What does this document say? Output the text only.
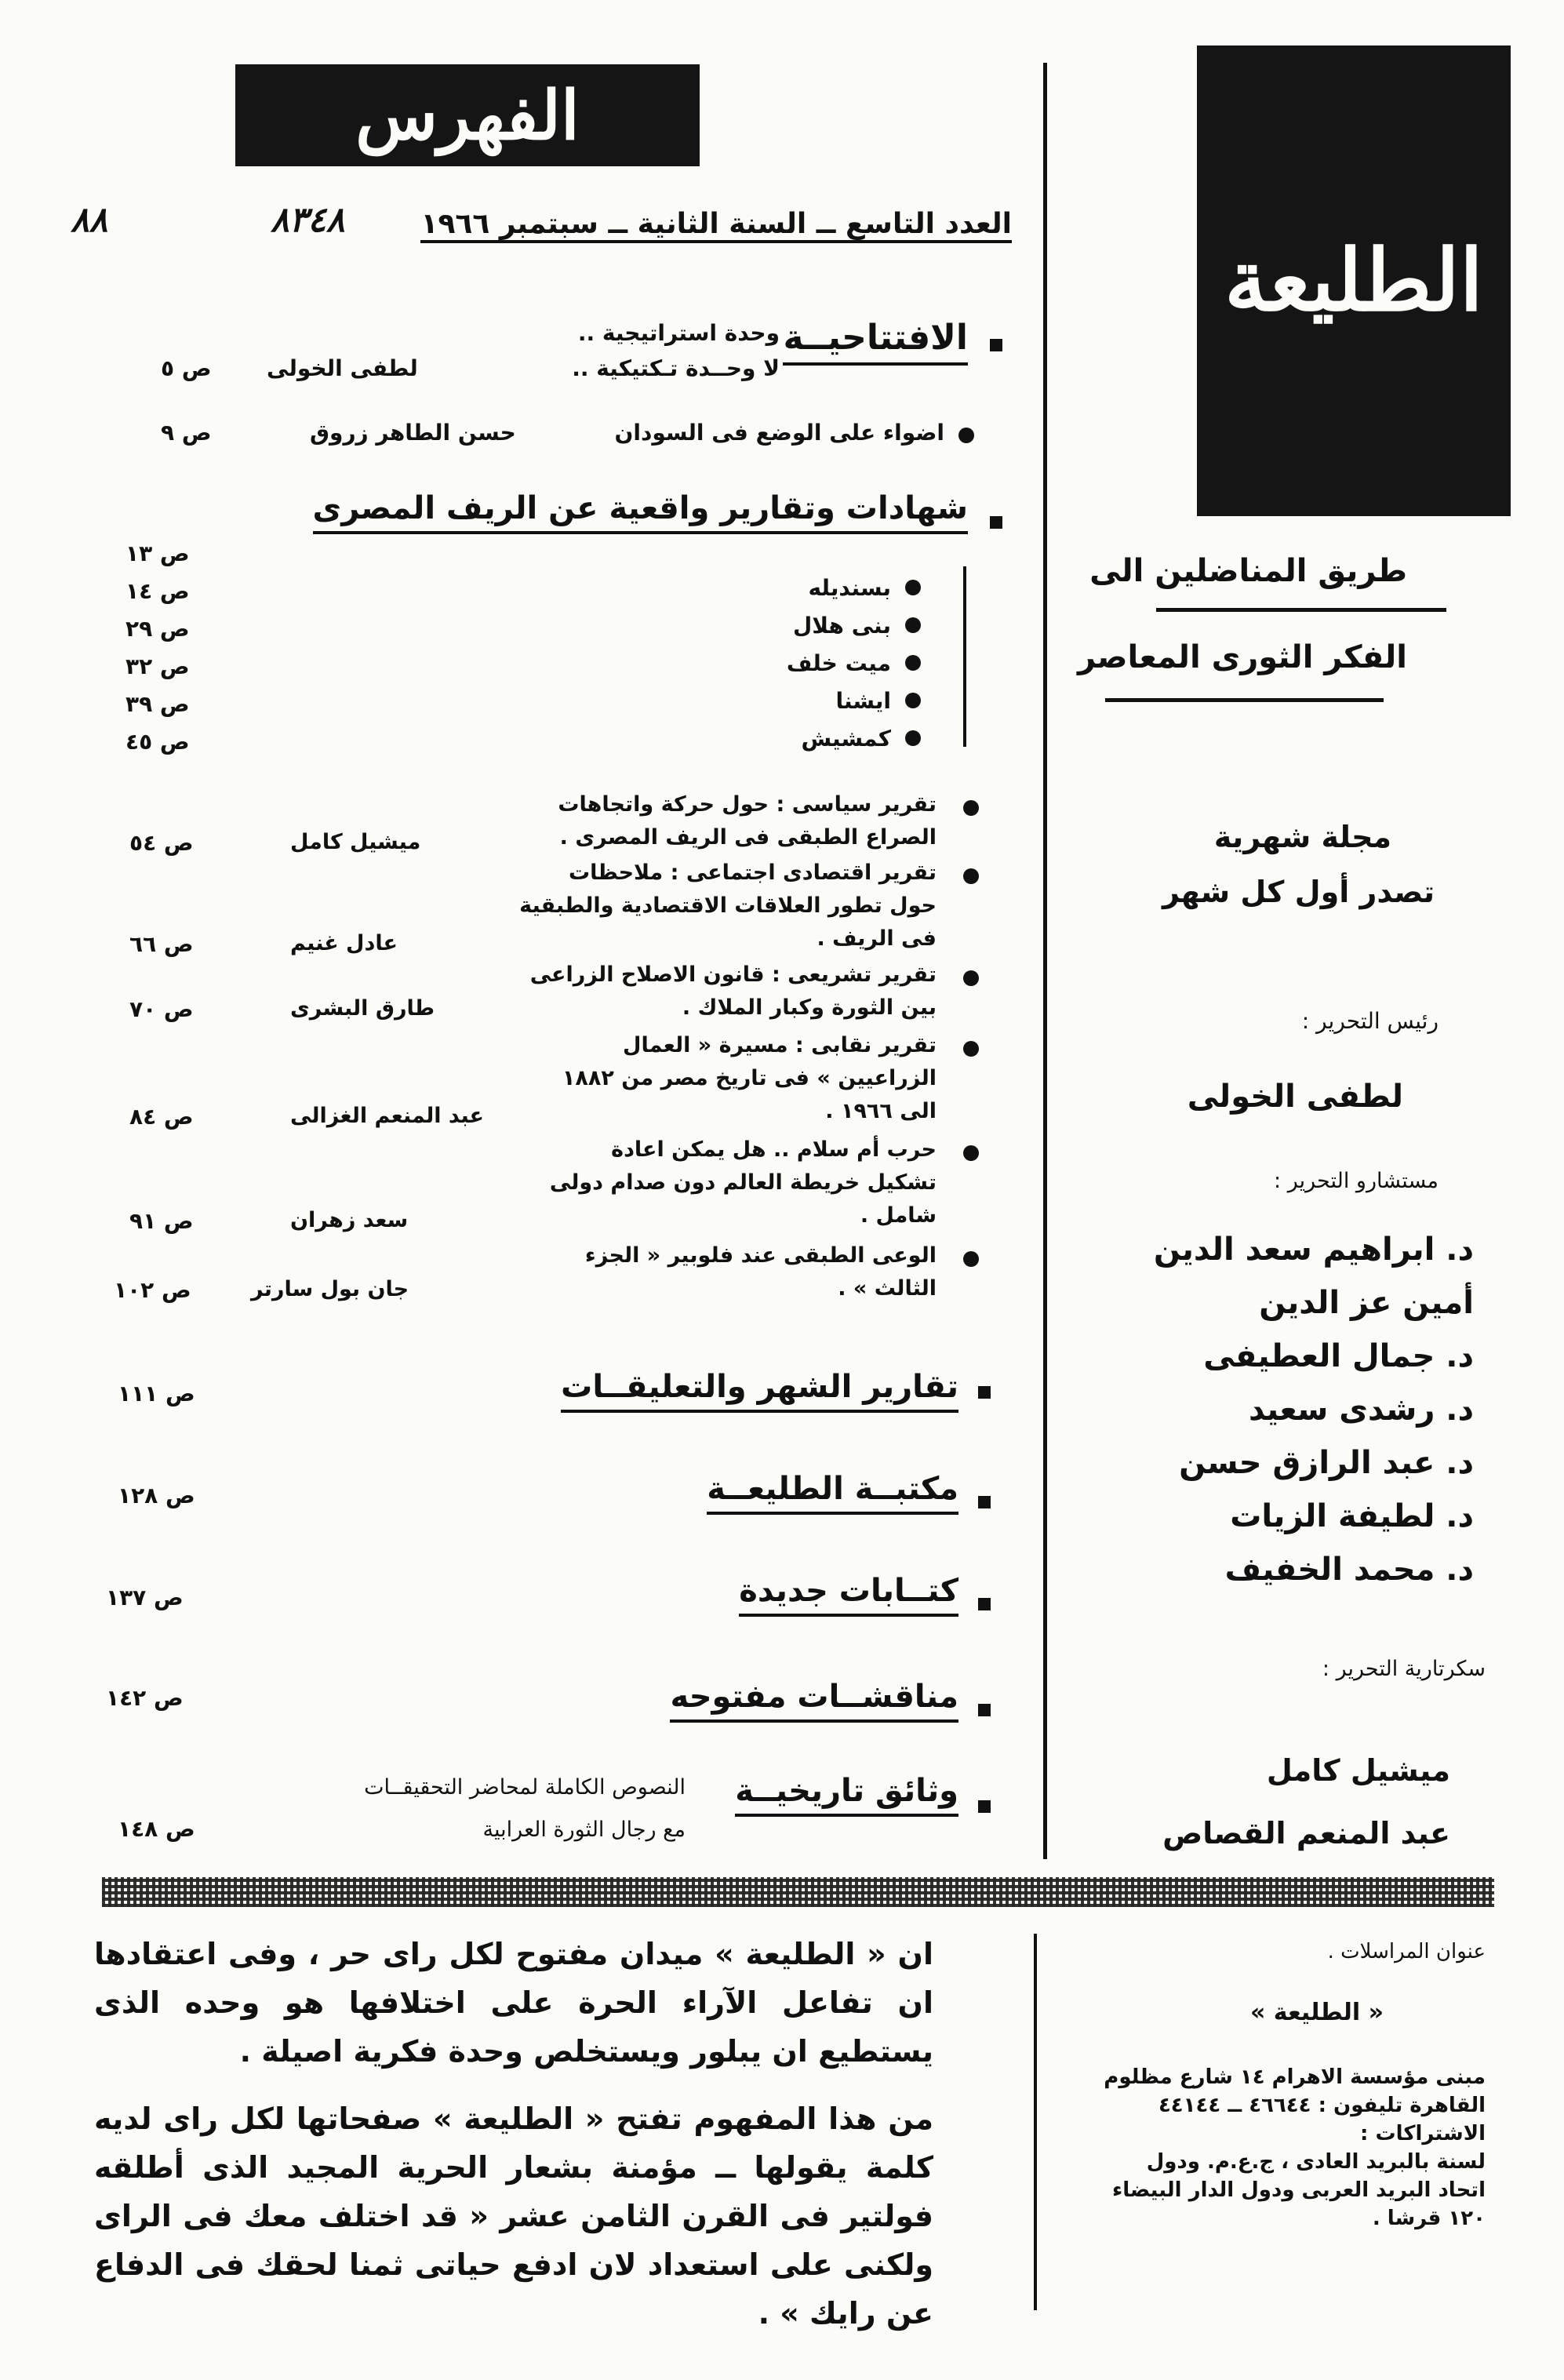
الطليعة
طريق المناضلين الى
الفكر الثورى المعاصر
مجلة شهرية
تصدر أول كل شهر
رئيس التحرير :
لطفى الخولى
مستشارو التحرير :
د. ابراهيم سعد الدين
أمين عز الدين
د. جمال العطيفى
د. رشدى سعيد
د. عبد الرازق حسن
د. لطيفة الزيات
د. محمد الخفيف
سكرتارية التحرير :
ميشيل كامل
عبد المنعم القصاص
الفهرس
العدد التاسع ــ السنة الثانية ــ سبتمبر ١٩٦٦
٨٣٤٨
٨٨
الافتتاحيــة
وحدة استراتيجية ..
لا وحــدة تـكتيكية ..
لطفى الخولى
ص ٥
اضواء على الوضع فى السودان
حسن الطاهر زروق
ص ٩
شهادات وتقارير واقعية عن الريف المصرى
بسنديله
بنى هلال
ميت خلف
ايشنا
كمشيش
ص ١٣
ص ١٤
ص ٢٩
ص ٣٢
ص ٣٩
ص ٤٥
تقرير سياسى : حول حركة واتجاهات
الصراع الطبقى فى الريف المصرى .
ميشيل كامل
ص ٥٤
تقرير اقتصادى اجتماعى : ملاحظات
حول تطور العلاقات الاقتصادية والطبقية
فى الريف .
عادل غنيم
ص ٦٦
تقرير تشريعى : قانون الاصلاح الزراعى
بين الثورة وكبار الملاك .
طارق البشرى
ص ٧٠
تقرير نقابى : مسيرة « العمال
الزراعيين » فى تاريخ مصر من ١٨٨٢
الى ١٩٦٦ .
عبد المنعم الغزالى
ص ٨٤
حرب أم سلام .. هل يمكن اعادة
تشكيل خريطة العالم دون صدام دولى
شامل .
سعد زهران
ص ٩١
الوعى الطبقى عند فلوبير « الجزء
الثالث » .
جان بول سارتر
ص ١٠٢
تقارير الشهر والتعليقــات
ص ١١١
مكتبــة الطليعــة
ص ١٢٨
كتــابات جديدة
ص ١٣٧
مناقشــات مفتوحه
ص ١٤٢
وثائق تاريخيــة
النصوص الكاملة لمحاضر التحقيقــات
مع رجال الثورة العرابية
ص ١٤٨
ان « الطليعة » ميدان مفتوح لكل راى حر ، وفى اعتقادها ان تفاعل الآراء الحرة على اختلافها هو وحده الذى يستطيع ان يبلور ويستخلص وحدة فكرية اصيلة .
من هذا المفهوم تفتح « الطليعة » صفحاتها لكل راى لديه كلمة يقولها ــ مؤمنة بشعار الحرية المجيد الذى أطلقه فولتير فى القرن الثامن عشر « قد اختلف معك فى الراى ولكنى على استعداد لان ادفع حياتى ثمنا لحقك فى الدفاع عن رايك » .
عنوان المراسلات .
« الطليعة »
مبنى مؤسسة الاهرام ١٤ شارع مظلوم القاهرة تليفون : ٤٦٦٤٤ ــ ٤٤١٤٤
الاشتراكات :
لسنة بالبريد العادى ، ج.ع.م. ودول اتحاد البريد العربى ودول الدار البيضاء ١٢٠ قرشا .
